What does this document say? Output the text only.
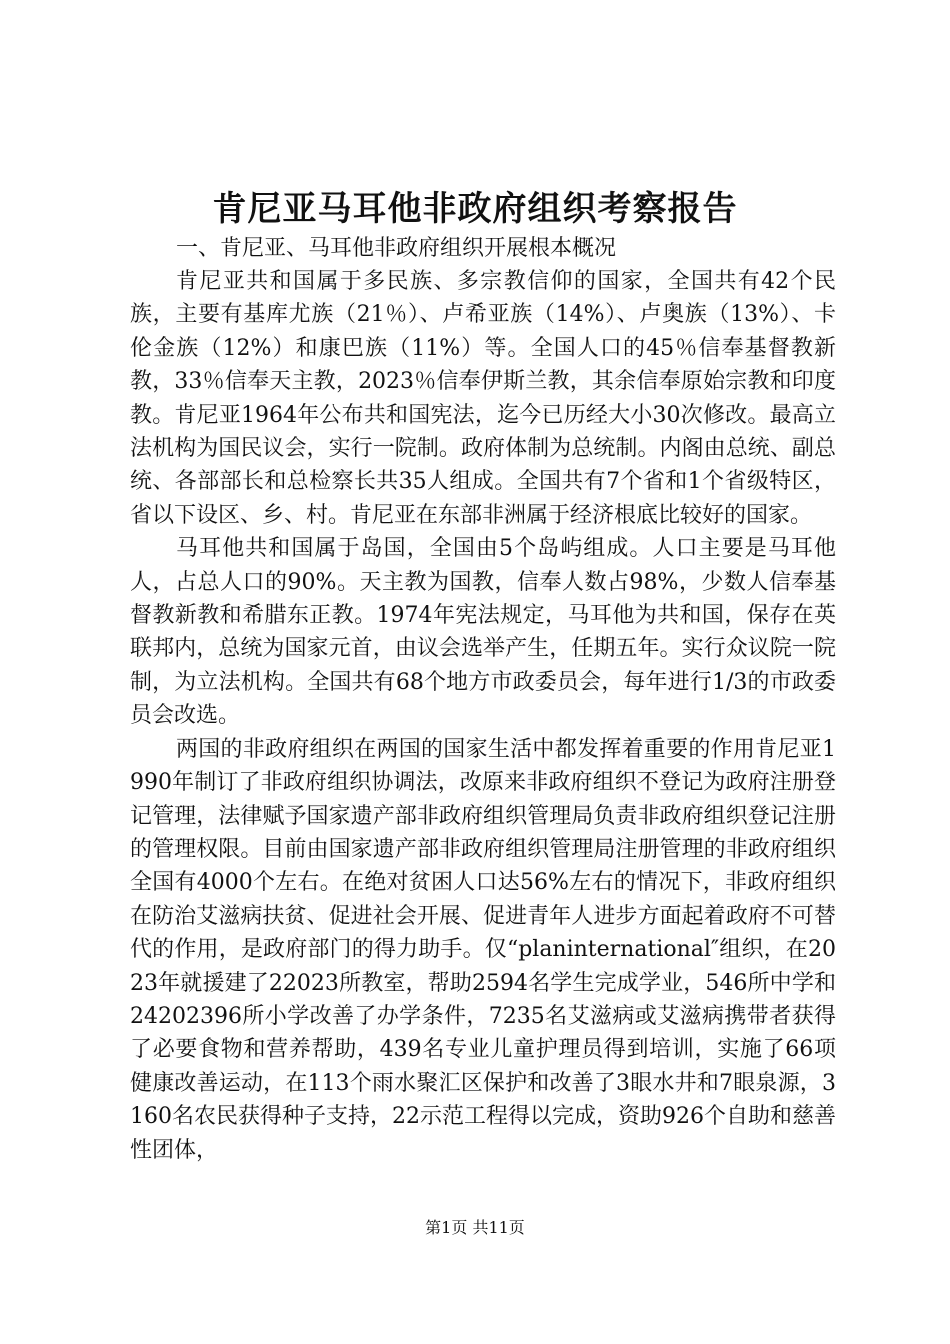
肯尼亚马耳他非政府组织考察报告

一、肯尼亚、马耳他非政府组织开展根本概况

肯尼亚共和国属于多民族、多宗教信仰的国家，全国共有42个民族，主要有基库尤族（21％）、卢希亚族（14%）、卢奥族（13%）、卡伦金族（12%）和康巴族（11%）等。全国人口的45％信奉基督教新教，33％信奉天主教，2023％信奉伊斯兰教，其余信奉原始宗教和印度教。肯尼亚1964年公布共和国宪法，迄今已历经大小30次修改。最高立法机构为国民议会，实行一院制。政府体制为总统制。内阁由总统、副总统、各部部长和总检察长共35人组成。全国共有7个省和1个省级特区，省以下设区、乡、村。肯尼亚在东部非洲属于经济根底比较好的国家。

马耳他共和国属于岛国，全国由5个岛屿组成。人口主要是马耳他人，占总人口的90%。天主教为国教，信奉人数占98%，少数人信奉基督教新教和希腊东正教。1974年宪法规定，马耳他为共和国，保存在英联邦内，总统为国家元首，由议会选举产生，任期五年。实行众议院一院制，为立法机构。全国共有68个地方市政委员会，每年进行1/3的市政委员会改选。

两国的非政府组织在两国的国家生活中都发挥着重要的作用肯尼亚1990年制订了非政府组织协调法，改原来非政府组织不登记为政府注册登记管理，法律赋予国家遗产部非政府组织管理局负责非政府组织登记注册的管理权限。目前由国家遗产部非政府组织管理局注册管理的非政府组织全国有4000个左右。在绝对贫困人口达56%左右的情况下，非政府组织在防治艾滋病扶贫、促进社会开展、促进青年人进步方面起着政府不可替代的作用，是政府部门的得力助手。仅“planinternational″组织，在2023年就援建了22023所教室，帮助2594名学生完成学业，546所中学和24202396所小学改善了办学条件，7235名艾滋病或艾滋病携带者获得了必要食物和营养帮助，439名专业儿童护理员得到培训，实施了66项健康改善运动，在113个雨水聚汇区保护和改善了3眼水井和7眼泉源，3160名农民获得种子支持，22示范工程得以完成，资助926个自助和慈善性团体，

第1页 共11页
